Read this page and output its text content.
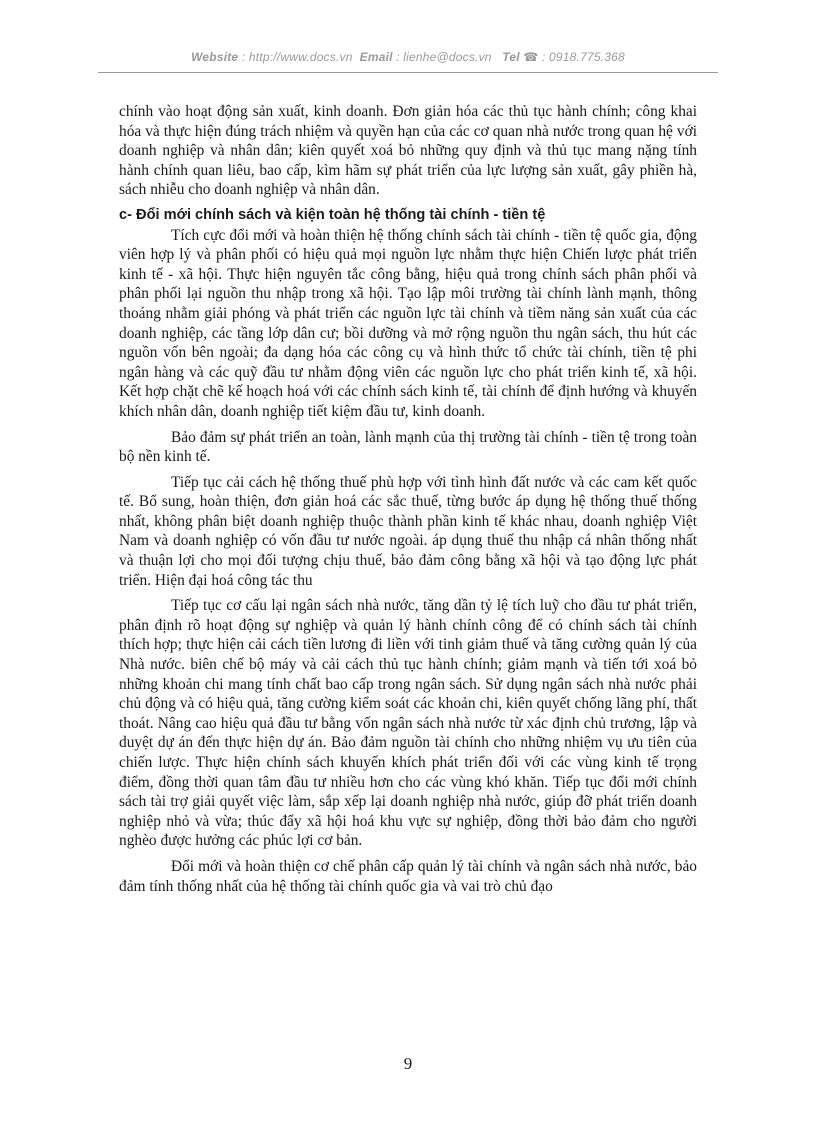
Website : http://www.docs.vn Email : lienhe@docs.vn Tel ☎ : 0918.775.368

chính vào hoạt động sản xuất, kinh doanh. Đơn giản hóa các thủ tục hành chính; công khai hóa và thực hiện đúng trách nhiệm và quyền hạn của các cơ quan nhà nước trong quan hệ với doanh nghiệp và nhân dân; kiên quyết xoá bỏ những quy định và thủ tục mang nặng tính hành chính quan liêu, bao cấp, kìm hãm sự phát triển của lực lượng sản xuất, gây phiền hà, sách nhiễu cho doanh nghiệp và nhân dân.

c- Đổi mới chính sách và kiện toàn hệ thống tài chính - tiền tệ

Tích cực đổi mới và hoàn thiện hệ thống chính sách tài chính - tiền tệ quốc gia, động viên hợp lý và phân phối có hiệu quả mọi nguồn lực nhằm thực hiện Chiến lược phát triển kinh tế - xã hội. Thực hiện nguyên tắc công bằng, hiệu quả trong chính sách phân phối và phân phối lại nguồn thu nhập trong xã hội. Tạo lập môi trường tài chính lành mạnh, thông thoáng nhằm giải phóng và phát triển các nguồn lực tài chính và tiềm năng sản xuất của các doanh nghiệp, các tầng lớp dân cư; bồi dưỡng và mở rộng nguồn thu ngân sách, thu hút các nguồn vốn bên ngoài; đa dạng hóa các công cụ và hình thức tổ chức tài chính, tiền tệ phi ngân hàng và các quỹ đầu tư nhằm động viên các nguồn lực cho phát triển kinh tế, xã hội. Kết hợp chặt chẽ kế hoạch hoá với các chính sách kinh tế, tài chính để định hướng và khuyến khích nhân dân, doanh nghiệp tiết kiệm đầu tư, kinh doanh.

Bảo đảm sự phát triển an toàn, lành mạnh của thị trường tài chính - tiền tệ trong toàn bộ nền kinh tế.

Tiếp tục cải cách hệ thống thuế phù hợp với tình hình đất nước và các cam kết quốc tế. Bổ sung, hoàn thiện, đơn giản hoá các sắc thuế, từng bước áp dụng hệ thống thuế thống nhất, không phân biệt doanh nghiệp thuộc thành phần kinh tế khác nhau, doanh nghiệp Việt Nam và doanh nghiệp có vốn đầu tư nước ngoài. áp dụng thuế thu nhập cá nhân thống nhất và thuận lợi cho mọi đối tượng chịu thuế, bảo đảm công bằng xã hội và tạo động lực phát triển. Hiện đại hoá công tác thu

Tiếp tục cơ cấu lại ngân sách nhà nước, tăng dần tỷ lệ tích luỹ cho đầu tư phát triển, phân định rõ hoạt động sự nghiệp và quản lý hành chính công để có chính sách tài chính thích hợp; thực hiện cải cách tiền lương đi liền với tinh giảm thuế và tăng cường quản lý của Nhà nước. biên chế bộ máy và cải cách thủ tục hành chính; giảm mạnh và tiến tới xoá bỏ những khoản chi mang tính chất bao cấp trong ngân sách. Sử dụng ngân sách nhà nước phải chủ động và có hiệu quả, tăng cường kiểm soát các khoản chi, kiên quyết chống lãng phí, thất thoát. Nâng cao hiệu quả đầu tư bằng vốn ngân sách nhà nước từ xác định chủ trương, lập và duyệt dự án đến thực hiện dự án. Bảo đảm nguồn tài chính cho những nhiệm vụ ưu tiên của chiến lược. Thực hiện chính sách khuyến khích phát triển đối với các vùng kinh tế trọng điểm, đồng thời quan tâm đầu tư nhiều hơn cho các vùng khó khăn. Tiếp tục đổi mới chính sách tài trợ giải quyết việc làm, sắp xếp lại doanh nghiệp nhà nước, giúp đỡ phát triển doanh nghiệp nhỏ và vừa; thúc đẩy xã hội hoá khu vực sự nghiệp, đồng thời bảo đảm cho người nghèo được hưởng các phúc lợi cơ bản.

Đổi mới và hoàn thiện cơ chế phân cấp quản lý tài chính và ngân sách nhà nước, bảo đảm tính thống nhất của hệ thống tài chính quốc gia và vai trò chủ đạo

9
